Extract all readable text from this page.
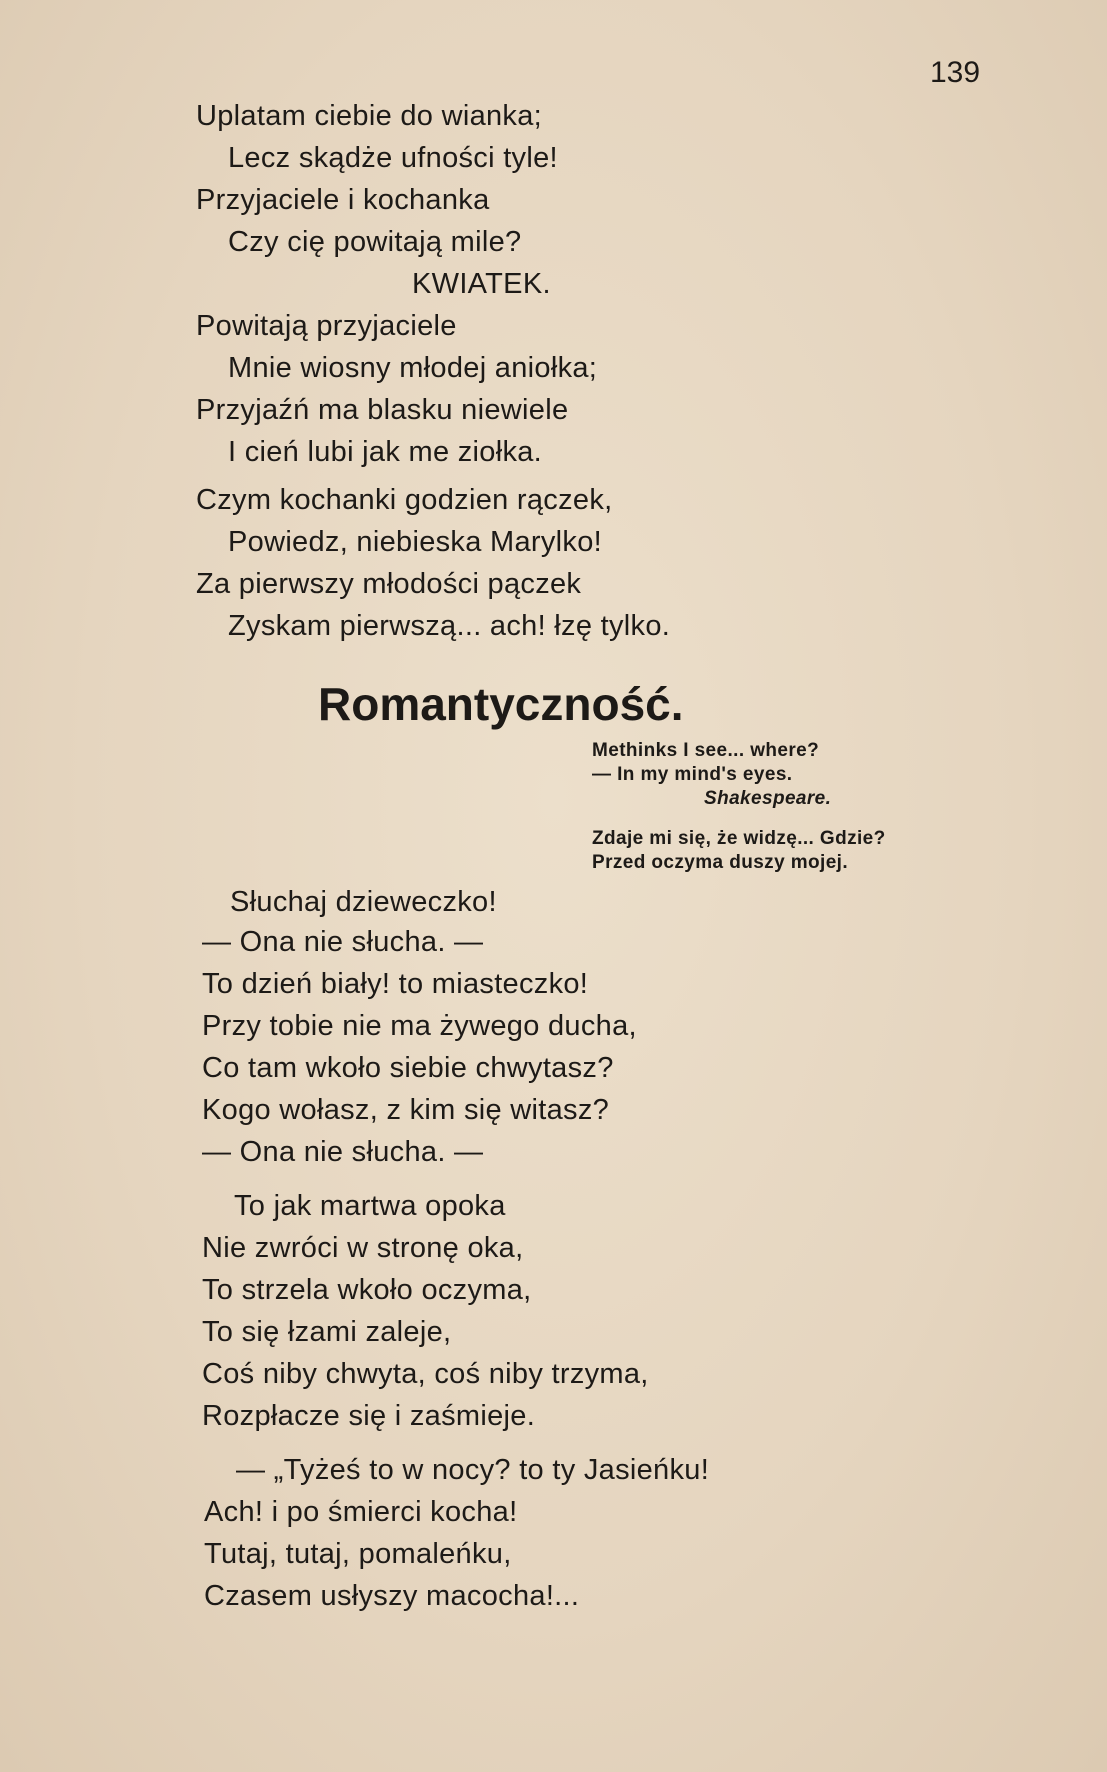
139
Uplatam ciebie do wianka;
Lecz skądże ufności tyle!
Przyjaciele i kochanka
Czy cię powitają mile?
KWIATEK.
Powitają przyjaciele
Mnie wiosny młodej aniołka;
Przyjaźń ma blasku niewiele
I cień lubi jak me ziołka.
Czym kochanki godzien rączek,
Powiedz, niebieska Marylko!
Za pierwszy młodości pączek
Zyskam pierwszą... ach! łzę tylko.
Romantyczność.
Methinks I see... where?
— In my mind's eyes.
Shakespeare.
Zdaje mi się, że widzę... Gdzie?
Przed oczyma duszy mojej.
Słuchaj dzieweczko!
— Ona nie słucha. —
To dzień biały! to miasteczko!
Przy tobie nie ma żywego ducha,
Co tam wkoło siebie chwytasz?
Kogo wołasz, z kim się witasz?
— Ona nie słucha. —
To jak martwa opoka
Nie zwróci w stronę oka,
To strzela wkoło oczyma,
To się łzami zaleje,
Coś niby chwyta, coś niby trzyma,
Rozpłacze się i zaśmieje.
— „Tyżeś to w nocy? to ty Jasieńku!
Ach! i po śmierci kocha!
Tutaj, tutaj, pomaleńku,
Czasem usłyszy macocha!...
